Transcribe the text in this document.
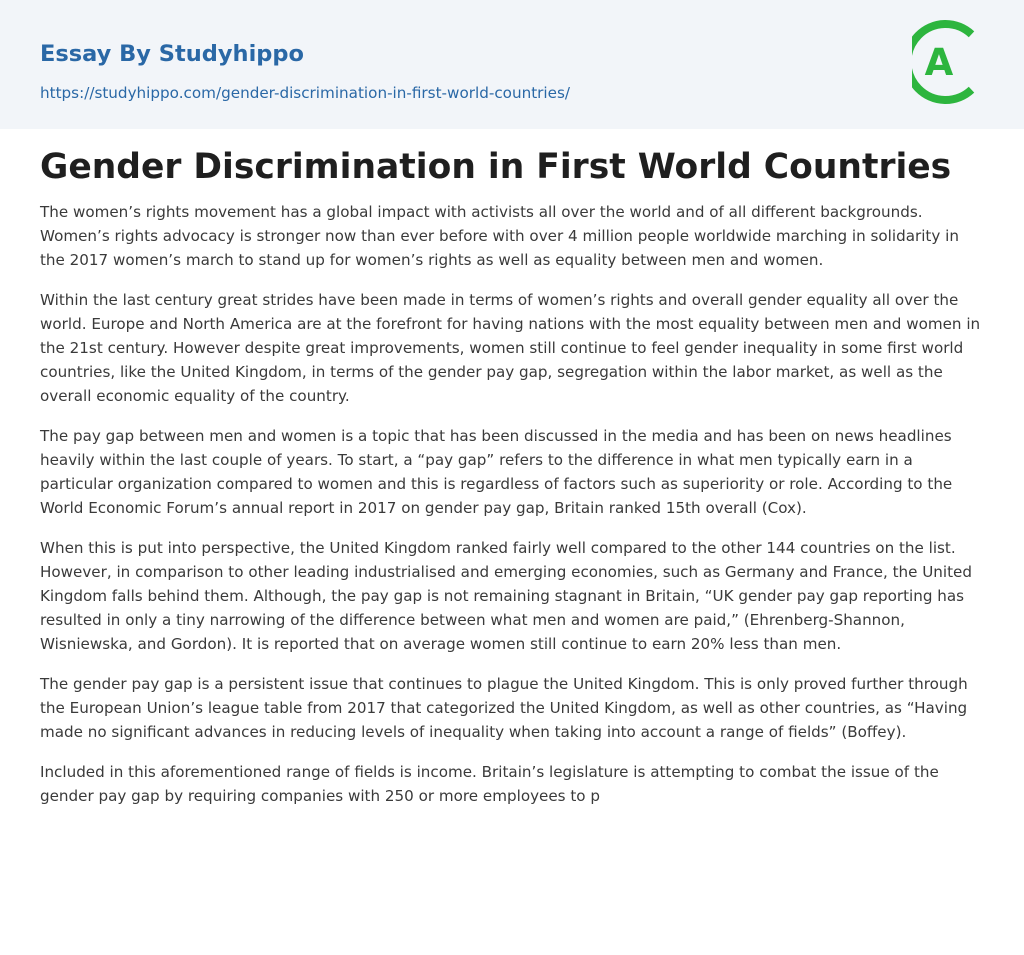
Essay By Studyhippo
https://studyhippo.com/gender-discrimination-in-first-world-countries/
A
Gender Discrimination in First World Countries

The women’s rights movement has a global impact with activists all over the world and of all different backgrounds. Women’s rights advocacy is stronger now than ever before with over 4 million people worldwide marching in solidarity in the 2017 women’s march to stand up for women’s rights as well as equality between men and women.

Within the last century great strides have been made in terms of women’s rights and overall gender equality all over the world. Europe and North America are at the forefront for having nations with the most equality between men and women in the 21st century. However despite great improvements, women still continue to feel gender inequality in some first world countries, like the United Kingdom, in terms of the gender pay gap, segregation within the labor market, as well as the overall economic equality of the country.

The pay gap between men and women is a topic that has been discussed in the media and has been on news headlines heavily within the last couple of years. To start, a “pay gap” refers to the difference in what men typically earn in a particular organization compared to women and this is regardless of factors such as superiority or role. According to the World Economic Forum’s annual report in 2017 on gender pay gap, Britain ranked 15th overall (Cox).

When this is put into perspective, the United Kingdom ranked fairly well compared to the other 144 countries on the list. However, in comparison to other leading industrialised and emerging economies, such as Germany and France, the United Kingdom falls behind them. Although, the pay gap is not remaining stagnant in Britain, “UK gender pay gap reporting has resulted in only a tiny narrowing of the difference between what men and women are paid,” (Ehrenberg-Shannon, Wisniewska, and Gordon). It is reported that on average women still continue to earn 20% less than men.

The gender pay gap is a persistent issue that continues to plague the United Kingdom. This is only proved further through the European Union’s league table from 2017 that categorized the United Kingdom, as well as other countries, as “Having made no significant advances in reducing levels of inequality when taking into account a range of fields” (Boffey).

Included in this aforementioned range of fields is income. Britain’s legislature is attempting to combat the issue of the gender pay gap by requiring companies with 250 or more employees to p
